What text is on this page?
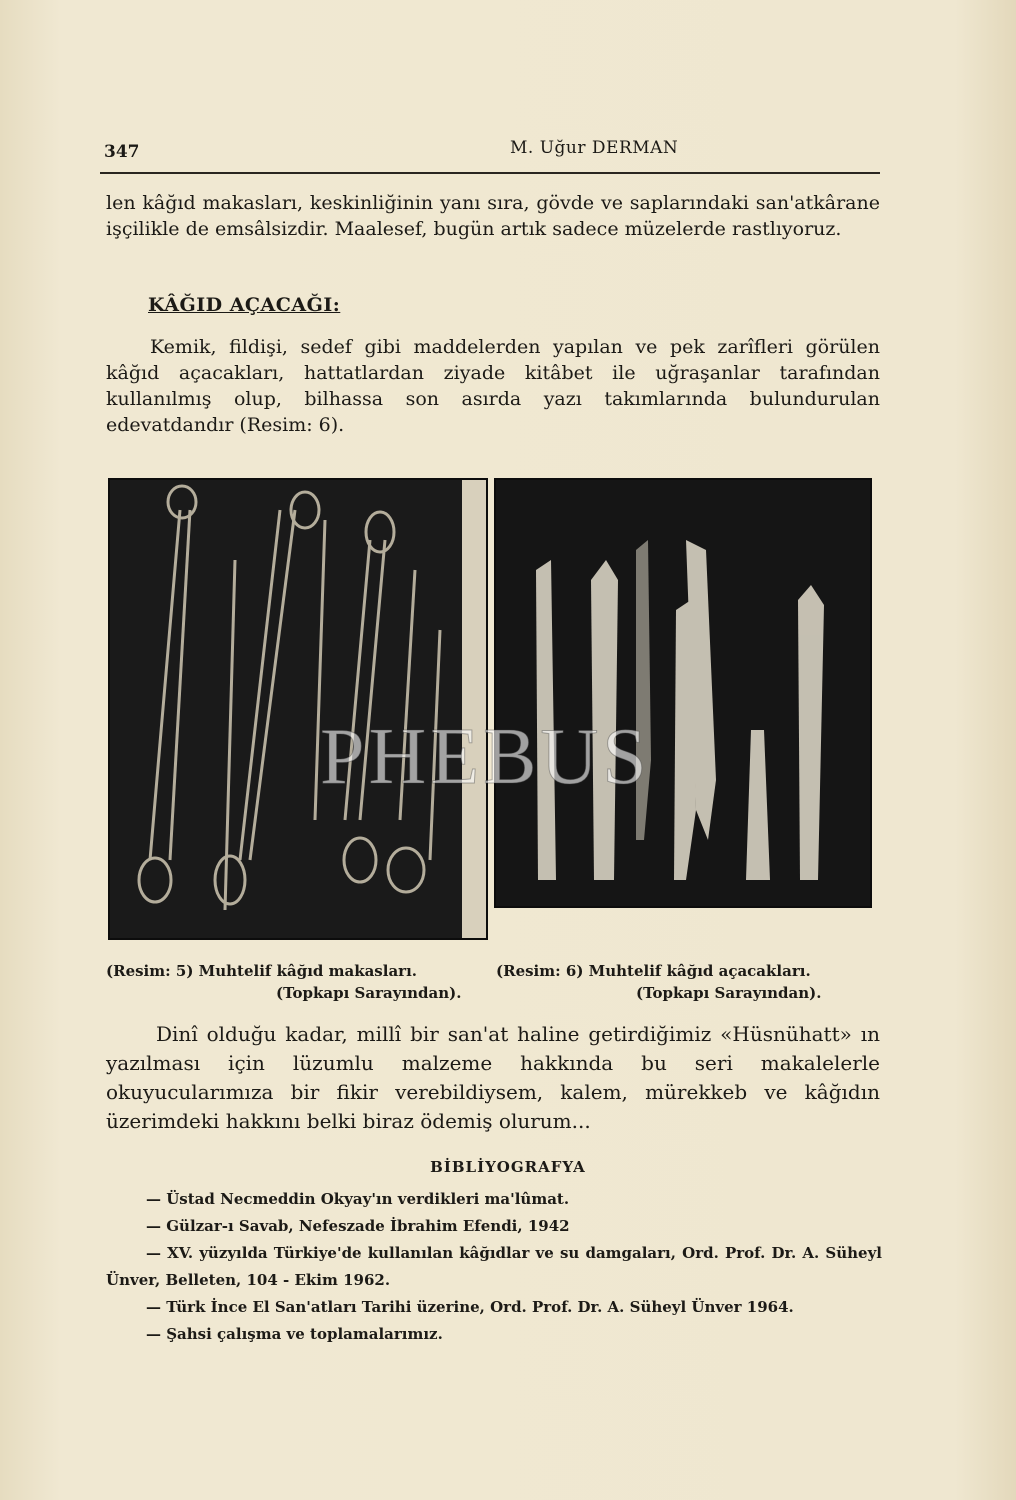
347	M. Uğur DERMAN
len kâğıd makasları, keskinliğinin yanı sıra, gövde ve saplarındaki san'atkârane işçilikle de emsâlsizdir. Maalesef, bugün artık sadece müzelerde rastlıyoruz.
KÂĞID AÇACAĞI:
Kemik, fildişi, sedef gibi maddelerden yapılan ve pek zarîfleri görülen kâğıd açacakları, hattatlardan ziyade kitâbet ile uğraşanlar tarafından kullanılmış olup, bilhassa son asırda yazı takımlarında bulundurulan edevatdandır (Resim: 6).
PHEBUS
(Resim: 5) Muhtelif kâğıd makasları.
(Topkapı Sarayından).
(Resim: 6) Muhtelif kâğıd açacakları.
(Topkapı Sarayından).
Dinî olduğu kadar, millî bir san'at haline getirdiğimiz «Hüsnühatt» ın yazılması için lüzumlu malzeme hakkında bu seri makalelerle okuyucularımıza bir fikir verebildiysem, kalem, mürekkeb ve kâğıdın üzerimdeki hakkını belki biraz ödemiş olurum...
BİBLİYOGRAFYA
— Üstad Necmeddin Okyay'ın verdikleri ma'lûmat.
— Gülzar-ı Savab, Nefeszade İbrahim Efendi, 1942
— XV. yüzyılda Türkiye'de kullanılan kâğıdlar ve su damgaları, Ord. Prof. Dr. A. Süheyl Ünver, Belleten, 104 - Ekim 1962.
— Türk İnce El San'atları Tarihi üzerine, Ord. Prof. Dr. A. Süheyl Ünver 1964.
— Şahsi çalışma ve toplamalarımız.
